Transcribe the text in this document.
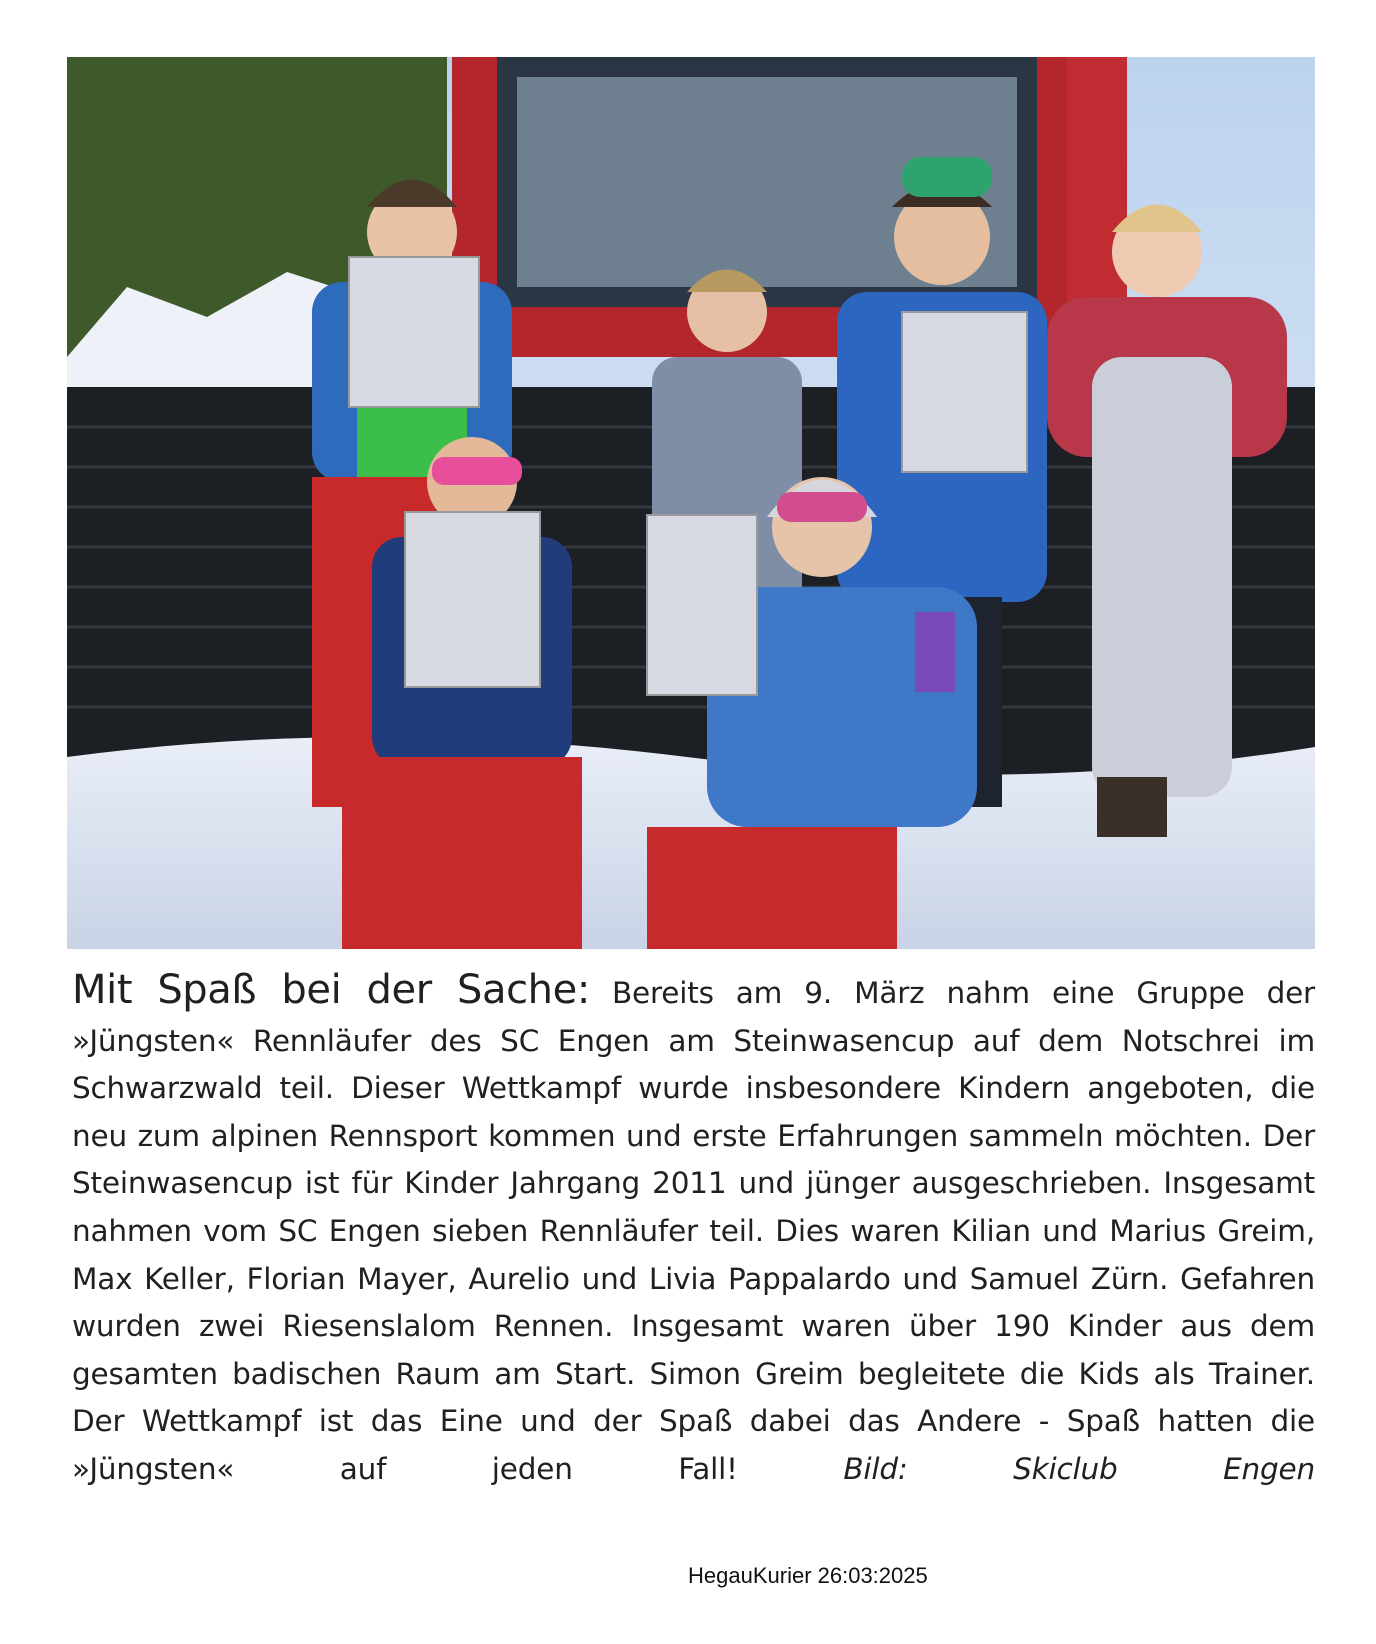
Mit Spaß bei der Sache: Bereits am 9. März nahm eine Gruppe der »Jüngsten« Rennläufer des SC Engen am Steinwasencup auf dem Notschrei im Schwarzwald teil. Dieser Wettkampf wurde insbesondere Kindern angeboten, die neu zum alpinen Rennsport kommen und erste Erfahrungen sammeln möchten. Der Steinwasencup ist für Kinder Jahrgang 2011 und jünger ausgeschrieben. Insgesamt nahmen vom SC Engen sieben Rennläufer teil. Dies waren Kilian und Marius Greim, Max Keller, Florian Mayer, Aurelio und Livia Pappalardo und Samuel Zürn. Gefahren wurden zwei Riesenslalom Rennen. Insgesamt waren über 190 Kinder aus dem gesamten badischen Raum am Start. Simon Greim begleitete die Kids als Trainer. Der Wettkampf ist das Eine und der Spaß dabei das Andere - Spaß hatten die »Jüngsten« auf jeden Fall!	Bild: Skiclub Engen

HegauKurier 26:03:2025
